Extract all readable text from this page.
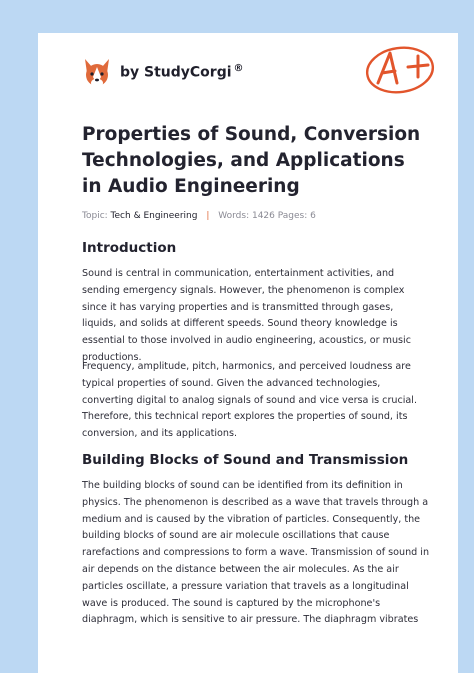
by StudyCorgi ®
A+
Properties of Sound, Conversion Technologies, and Applications in Audio Engineering
Topic: Tech & Engineering | Words: 1426 Pages: 6
Introduction

Sound is central in communication, entertainment activities, and sending emergency signals. However, the phenomenon is complex since it has varying properties and is transmitted through gases, liquids, and solids at different speeds. Sound theory knowledge is essential to those involved in audio engineering, acoustics, or music productions.

Frequency, amplitude, pitch, harmonics, and perceived loudness are typical properties of sound. Given the advanced technologies, converting digital to analog signals of sound and vice versa is crucial. Therefore, this technical report explores the properties of sound, its conversion, and its applications.

Building Blocks of Sound and Transmission

The building blocks of sound can be identified from its definition in physics. The phenomenon is described as a wave that travels through a medium and is caused by the vibration of particles. Consequently, the building blocks of sound are air molecule oscillations that cause rarefactions and compressions to form a wave. Transmission of sound in air depends on the distance between the air molecules. As the air particles oscillate, a pressure variation that travels as a longitudinal wave is produced. The sound is captured by the microphone's diaphragm, which is sensitive to air pressure. The diaphragm vibrates
